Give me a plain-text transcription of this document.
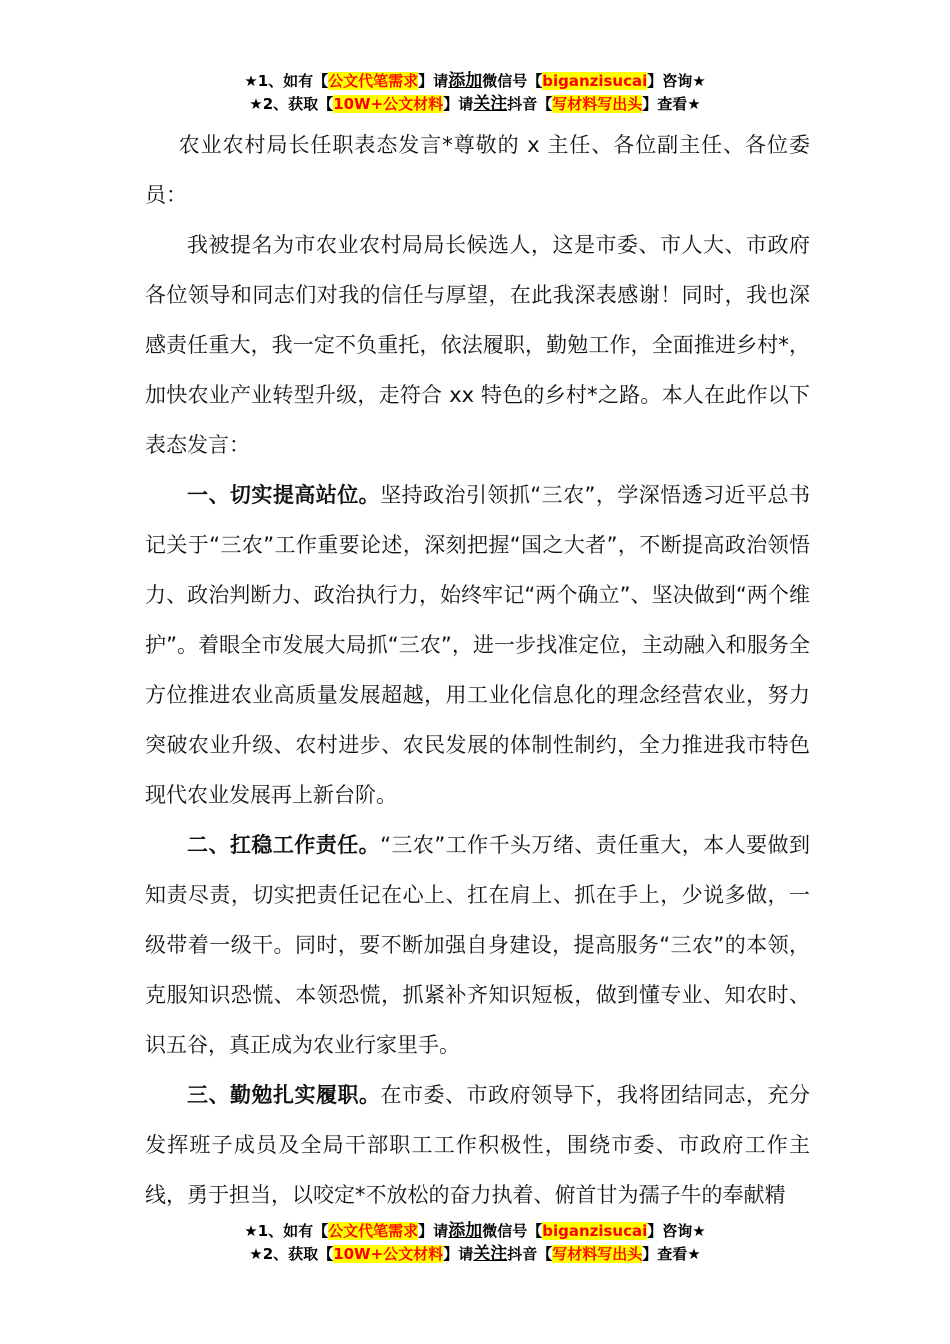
★1、如有【公文代笔需求】请添加微信号【biganzisucai】咨询★
★2、获取【10W+公文材料】请关注抖音【写材料写出头】查看★

农业农村局长任职表态发言*尊敬的 x 主任、各位副主任、各位委员：

我被提名为市农业农村局局长候选人，这是市委、市人大、市政府各位领导和同志们对我的信任与厚望，在此我深表感谢！同时，我也深感责任重大，我一定不负重托，依法履职，勤勉工作，全面推进乡村*，加快农业产业转型升级，走符合 xx 特色的乡村*之路。本人在此作以下表态发言：

一、切实提高站位。坚持政治引领抓“三农”，学深悟透习近平总书记关于“三农”工作重要论述，深刻把握“国之大者”，不断提高政治领悟力、政治判断力、政治执行力，始终牢记“两个确立”、坚决做到“两个维护”。着眼全市发展大局抓“三农”，进一步找准定位，主动融入和服务全方位推进农业高质量发展超越，用工业化信息化的理念经营农业，努力突破农业升级、农村进步、农民发展的体制性制约，全力推进我市特色现代农业发展再上新台阶。

二、扛稳工作责任。“三农”工作千头万绪、责任重大，本人要做到知责尽责，切实把责任记在心上、扛在肩上、抓在手上，少说多做，一级带着一级干。同时，要不断加强自身建设，提高服务“三农”的本领，克服知识恐慌、本领恐慌，抓紧补齐知识短板，做到懂专业、知农时、识五谷，真正成为农业行家里手。

三、勤勉扎实履职。在市委、市政府领导下，我将团结同志，充分发挥班子成员及全局干部职工工作积极性，围绕市委、市政府工作主线，勇于担当，以咬定*不放松的奋力执着、俯首甘为孺子牛的奉献精

★1、如有【公文代笔需求】请添加微信号【biganzisucai】咨询★
★2、获取【10W+公文材料】请关注抖音【写材料写出头】查看★
